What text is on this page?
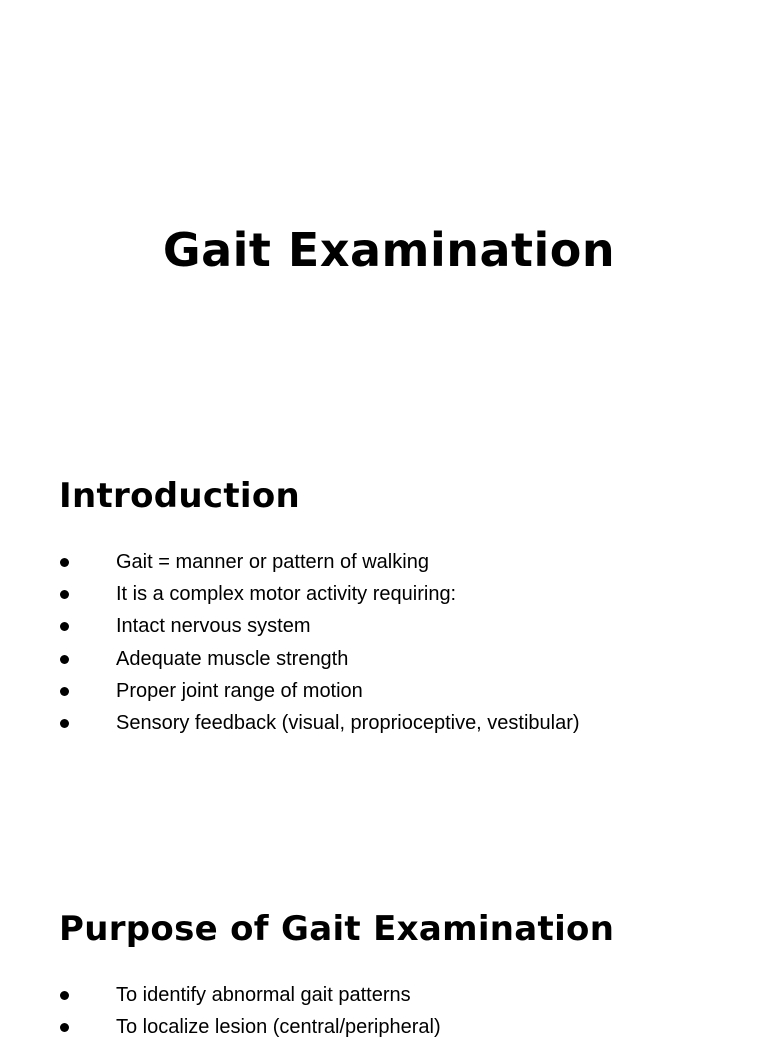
Gait Examination
Introduction
Gait = manner or pattern of walking
It is a complex motor activity requiring:
Intact nervous system
Adequate muscle strength
Proper joint range of motion
Sensory feedback (visual, proprioceptive, vestibular)
Purpose of Gait Examination
To identify abnormal gait patterns
To localize lesion (central/peripheral)
